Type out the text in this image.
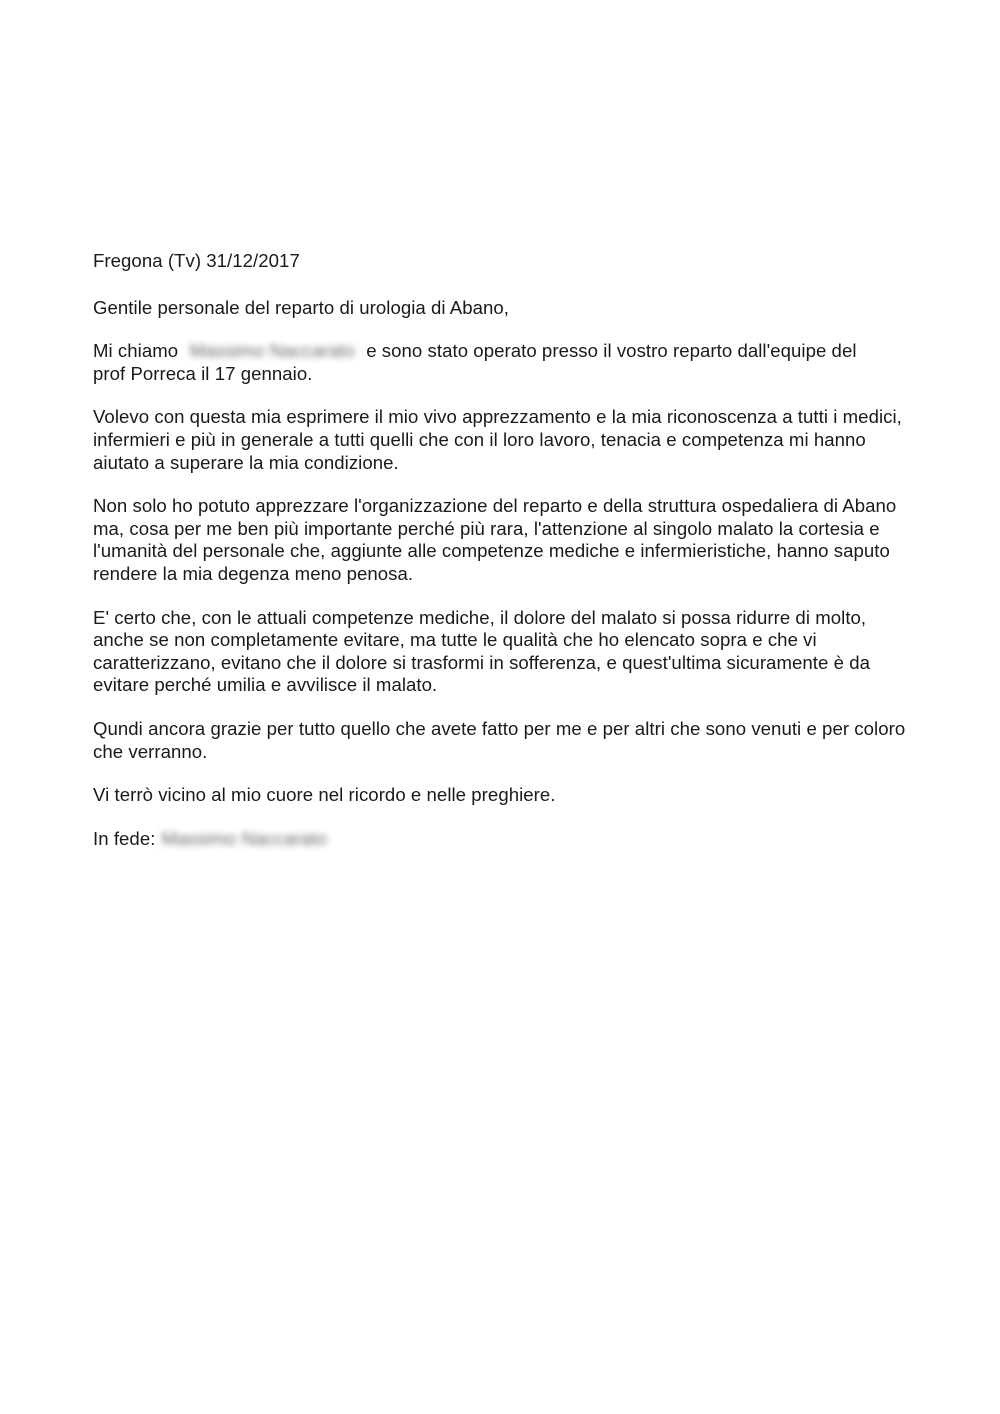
Fregona (Tv) 31/12/2017

Gentile personale del reparto di urologia di Abano,

Mi chiamo Massimo Naccarato e sono stato operato presso il vostro reparto dall'equipe del
prof Porreca il 17 gennaio.

Volevo con questa mia esprimere il mio vivo apprezzamento e la mia riconoscenza a tutti i medici, infermieri e più in generale a tutti quelli che con il loro lavoro, tenacia e competenza mi hanno aiutato a superare la mia condizione.

Non solo ho potuto apprezzare l'organizzazione del reparto e della struttura ospedaliera di Abano ma, cosa per me ben più importante perché più rara, l'attenzione al singolo malato la cortesia e l'umanità del personale che, aggiunte alle competenze mediche e infermieristiche, hanno saputo rendere la mia degenza meno penosa.

E' certo che, con le attuali competenze mediche, il dolore del malato si possa ridurre di molto, anche se non completamente evitare, ma tutte le qualità che ho elencato sopra e che vi caratterizzano, evitano che il dolore si trasformi in sofferenza, e quest'ultima sicuramente è da evitare perché umilia e avvilisce il malato.

Qundi ancora grazie per tutto quello che avete fatto per me e per altri che sono venuti e per coloro che verranno.

Vi terrò vicino al mio cuore nel ricordo e nelle preghiere.

In fede: Massimo Naccarato
